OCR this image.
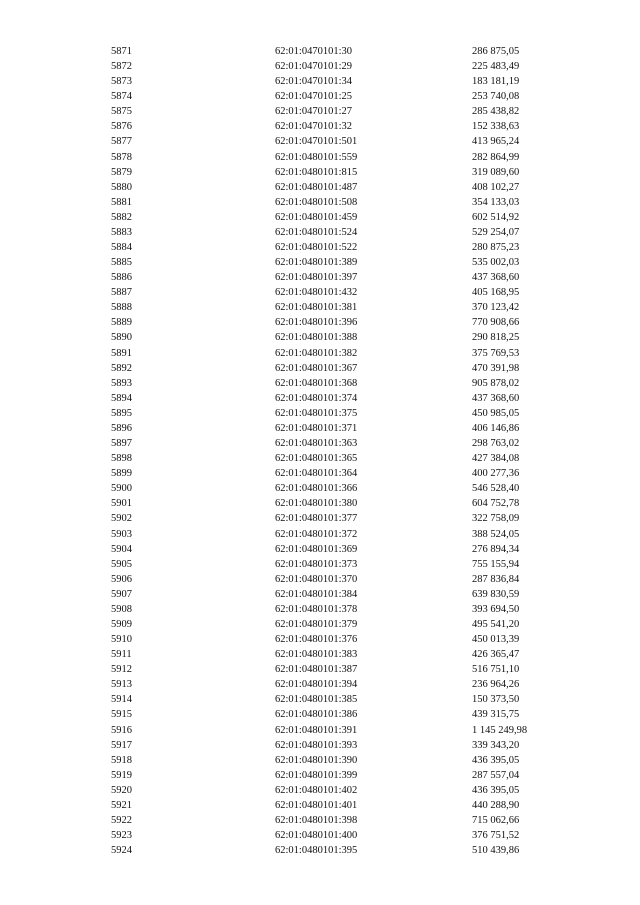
5871	62:01:0470101:30	286 875,05
5872	62:01:0470101:29	225 483,49
5873	62:01:0470101:34	183 181,19
5874	62:01:0470101:25	253 740,08
5875	62:01:0470101:27	285 438,82
5876	62:01:0470101:32	152 338,63
5877	62:01:0470101:501	413 965,24
5878	62:01:0480101:559	282 864,99
5879	62:01:0480101:815	319 089,60
5880	62:01:0480101:487	408 102,27
5881	62:01:0480101:508	354 133,03
5882	62:01:0480101:459	602 514,92
5883	62:01:0480101:524	529 254,07
5884	62:01:0480101:522	280 875,23
5885	62:01:0480101:389	535 002,03
5886	62:01:0480101:397	437 368,60
5887	62:01:0480101:432	405 168,95
5888	62:01:0480101:381	370 123,42
5889	62:01:0480101:396	770 908,66
5890	62:01:0480101:388	290 818,25
5891	62:01:0480101:382	375 769,53
5892	62:01:0480101:367	470 391,98
5893	62:01:0480101:368	905 878,02
5894	62:01:0480101:374	437 368,60
5895	62:01:0480101:375	450 985,05
5896	62:01:0480101:371	406 146,86
5897	62:01:0480101:363	298 763,02
5898	62:01:0480101:365	427 384,08
5899	62:01:0480101:364	400 277,36
5900	62:01:0480101:366	546 528,40
5901	62:01:0480101:380	604 752,78
5902	62:01:0480101:377	322 758,09
5903	62:01:0480101:372	388 524,05
5904	62:01:0480101:369	276 894,34
5905	62:01:0480101:373	755 155,94
5906	62:01:0480101:370	287 836,84
5907	62:01:0480101:384	639 830,59
5908	62:01:0480101:378	393 694,50
5909	62:01:0480101:379	495 541,20
5910	62:01:0480101:376	450 013,39
5911	62:01:0480101:383	426 365,47
5912	62:01:0480101:387	516 751,10
5913	62:01:0480101:394	236 964,26
5914	62:01:0480101:385	150 373,50
5915	62:01:0480101:386	439 315,75
5916	62:01:0480101:391	1 145 249,98
5917	62:01:0480101:393	339 343,20
5918	62:01:0480101:390	436 395,05
5919	62:01:0480101:399	287 557,04
5920	62:01:0480101:402	436 395,05
5921	62:01:0480101:401	440 288,90
5922	62:01:0480101:398	715 062,66
5923	62:01:0480101:400	376 751,52
5924	62:01:0480101:395	510 439,86
